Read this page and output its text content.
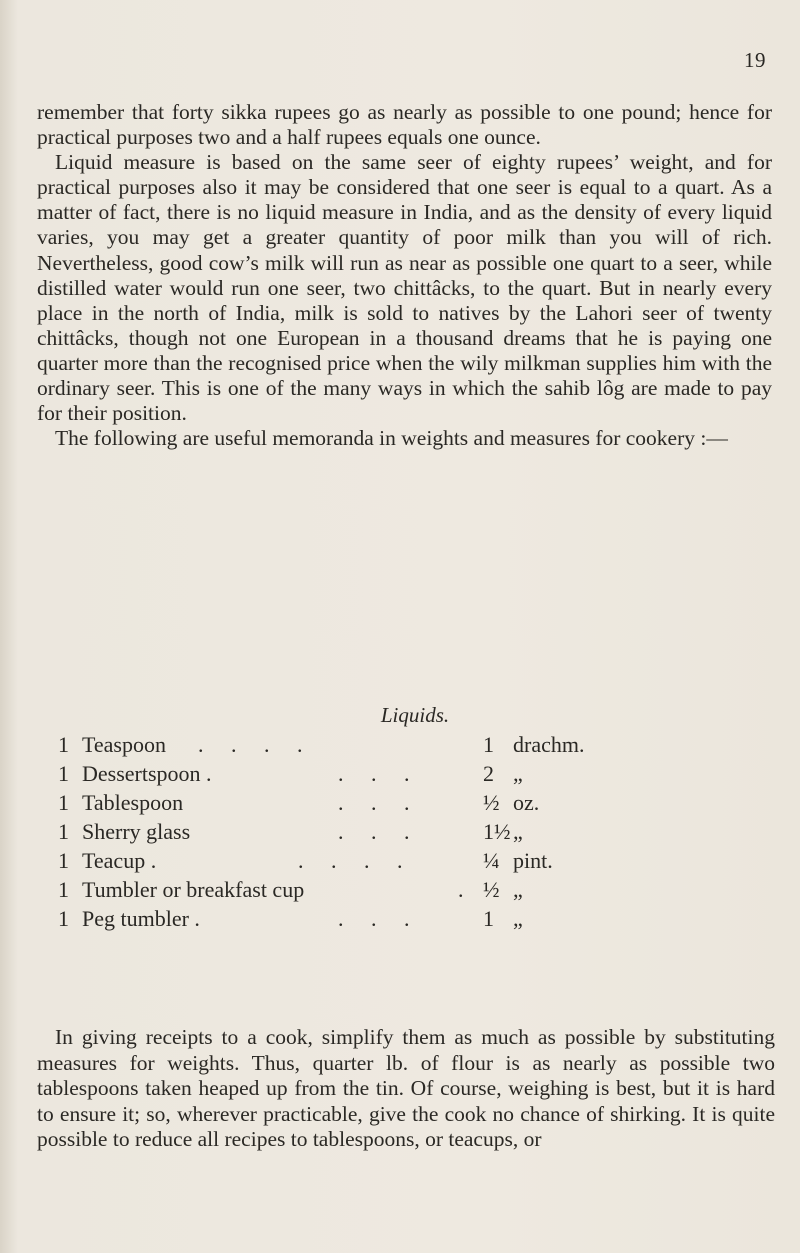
19

remember that forty sikka rupees go as nearly as possible to one pound; hence for practical purposes two and a half rupees equals one ounce.

Liquid measure is based on the same seer of eighty rupees’ weight, and for practical purposes also it may be considered that one seer is equal to a quart. As a matter of fact, there is no liquid measure in India, and as the density of every liquid varies, you may get a greater quantity of poor milk than you will of rich. Nevertheless, good cow’s milk will run as near as possible one quart to a seer, while distilled water would run one seer, two chittâcks, to the quart. But in nearly every place in the north of India, milk is sold to natives by the Lahori seer of twenty chittâcks, though not one European in a thousand dreams that he is paying one quarter more than the recognised price when the wily milkman supplies him with the ordinary seer. This is one of the many ways in which the sahib lôg are made to pay for their position.

The following are useful memoranda in weights and measures for cookery :—

Liquids.
1 Teaspoon . . . .	1 drachm.
1 Dessertspoon .	. . .	2 „
1 Tablespoon	. . .	½ oz.
1 Sherry glass	. . .	1½ „
1 Teacup .	. . . .	¼ pint.
1 Tumbler or breakfast cup	. ½ „
1 Peg tumbler .	. . .	1 „

In giving receipts to a cook, simplify them as much as possible by substituting measures for weights. Thus, quarter lb. of flour is as nearly as possible two tablespoons taken heaped up from the tin. Of course, weighing is best, but it is hard to ensure it; so, wherever practicable, give the cook no chance of shirking. It is quite possible to reduce all recipes to tablespoons, or teacups, or
